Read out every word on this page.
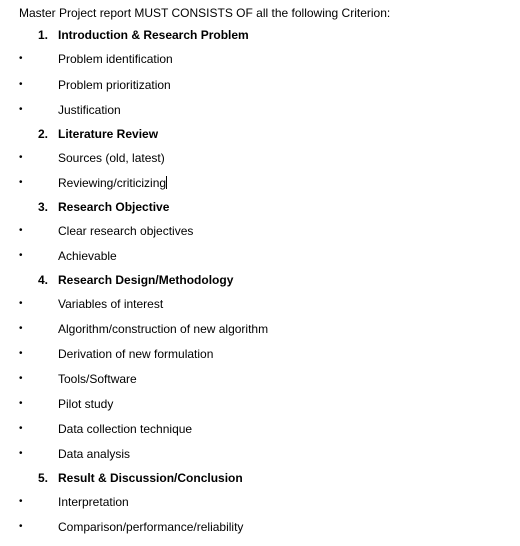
Master Project report MUST CONSISTS OF all the following Criterion:
1. Introduction & Research Problem
•	Problem identification
•	Problem prioritization
•	Justification
2. Literature Review
•	Sources (old, latest)
•	Reviewing/criticizing
3. Research Objective
•	Clear research objectives
•	Achievable
4. Research Design/Methodology
•	Variables of interest
•	Algorithm/construction of new algorithm
•	Derivation of new formulation
•	Tools/Software
•	Pilot study
•	Data collection technique
•	Data analysis
5. Result & Discussion/Conclusion
•	Interpretation
•	Comparison/performance/reliability
